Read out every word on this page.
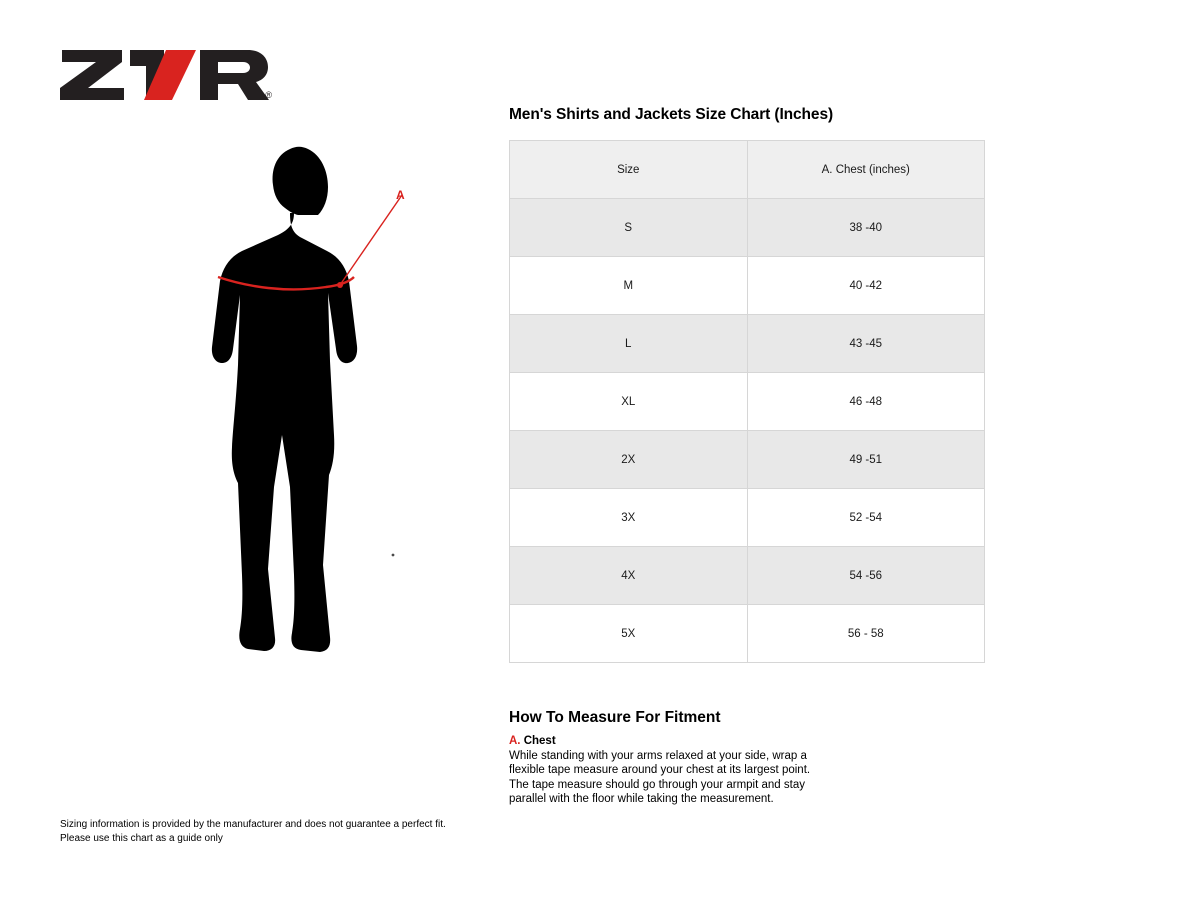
®
A
Men's Shirts and Jackets Size Chart (Inches)
Size	A. Chest (inches)
S	38 -40
M	40 -42
L	43 -45
XL	46 -48
2X	49 -51
3X	52 -54
4X	54 -56
5X	56 - 58
How To Measure For Fitment

A. Chest

While standing with your arms relaxed at your side, wrap a flexible tape measure around your chest at its largest point. The tape measure should go through your armpit and stay parallel with the floor while taking the measurement.

Sizing information is provided by the manufacturer and does not guarantee a perfect fit.
Please use this chart as a guide only
